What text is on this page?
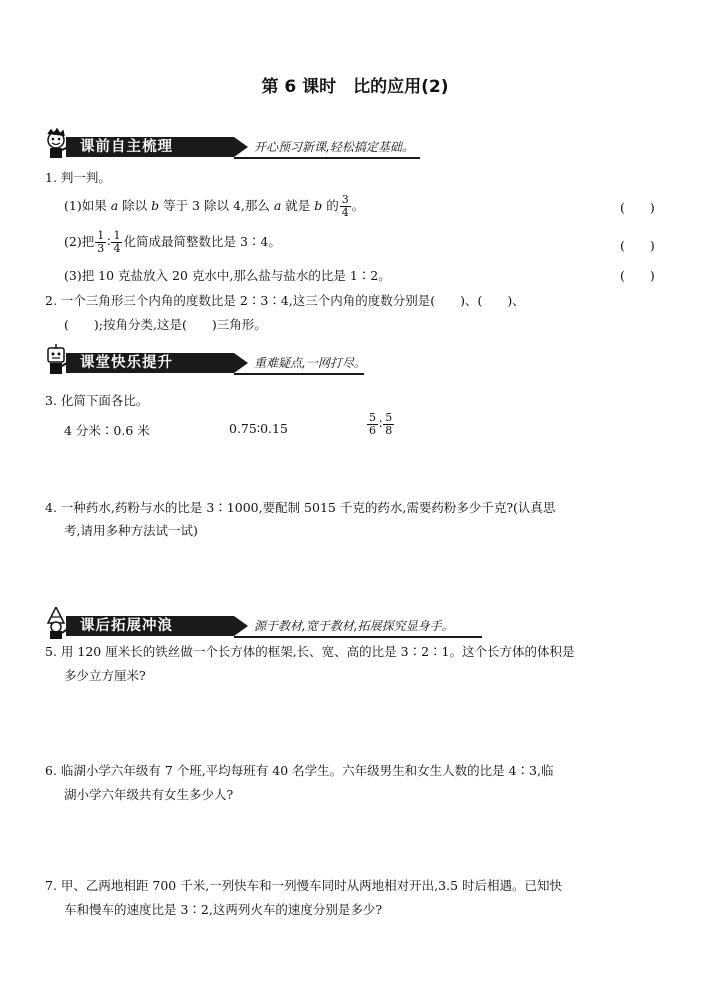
第 6 课时　比的应用(2)
课前自主梳理	开心预习新课,轻松搞定基础。
1. 判一判。
(1)如果 a 除以 b 等于 3 除以 4,那么 a 就是 b 的 $\frac{3}{4}$ 。	(　　)
(2)把 $\frac{1}{3}$ ∶ $\frac{1}{4}$ 化简成最简整数比是 3∶4。	(　　)
(3)把 10 克盐放入 20 克水中,那么盐与盐水的比是 1∶2。	(　　)
2. 一个三角形三个内角的度数比是 2∶3∶4,这三个内角的度数分别是(　　)、(　　)、
(　　);按角分类,这是(　　)三角形。
课堂快乐提升	重难疑点,一网打尽。
3. 化简下面各比。
4 分米∶0.6 米	0.75∶0.15	$\frac{5}{6}$ ∶ $\frac{5}{8}$
4. 一种药水,药粉与水的比是 3∶1000,要配制 5015 千克的药水,需要药粉多少千克?(认真思
考,请用多种方法试一试)
课后拓展冲浪	源于教材,宽于教材,拓展探究显身手。
5. 用 120 厘米长的铁丝做一个长方体的框架,长、宽、高的比是 3∶2∶1。这个长方体的体积是
多少立方厘米?
6. 临湖小学六年级有 7 个班,平均每班有 40 名学生。六年级男生和女生人数的比是 4∶3,临
湖小学六年级共有女生多少人?
7. 甲、乙两地相距 700 千米,一列快车和一列慢车同时从两地相对开出,3.5 时后相遇。已知快
车和慢车的速度比是 3∶2,这两列火车的速度分别是多少?
